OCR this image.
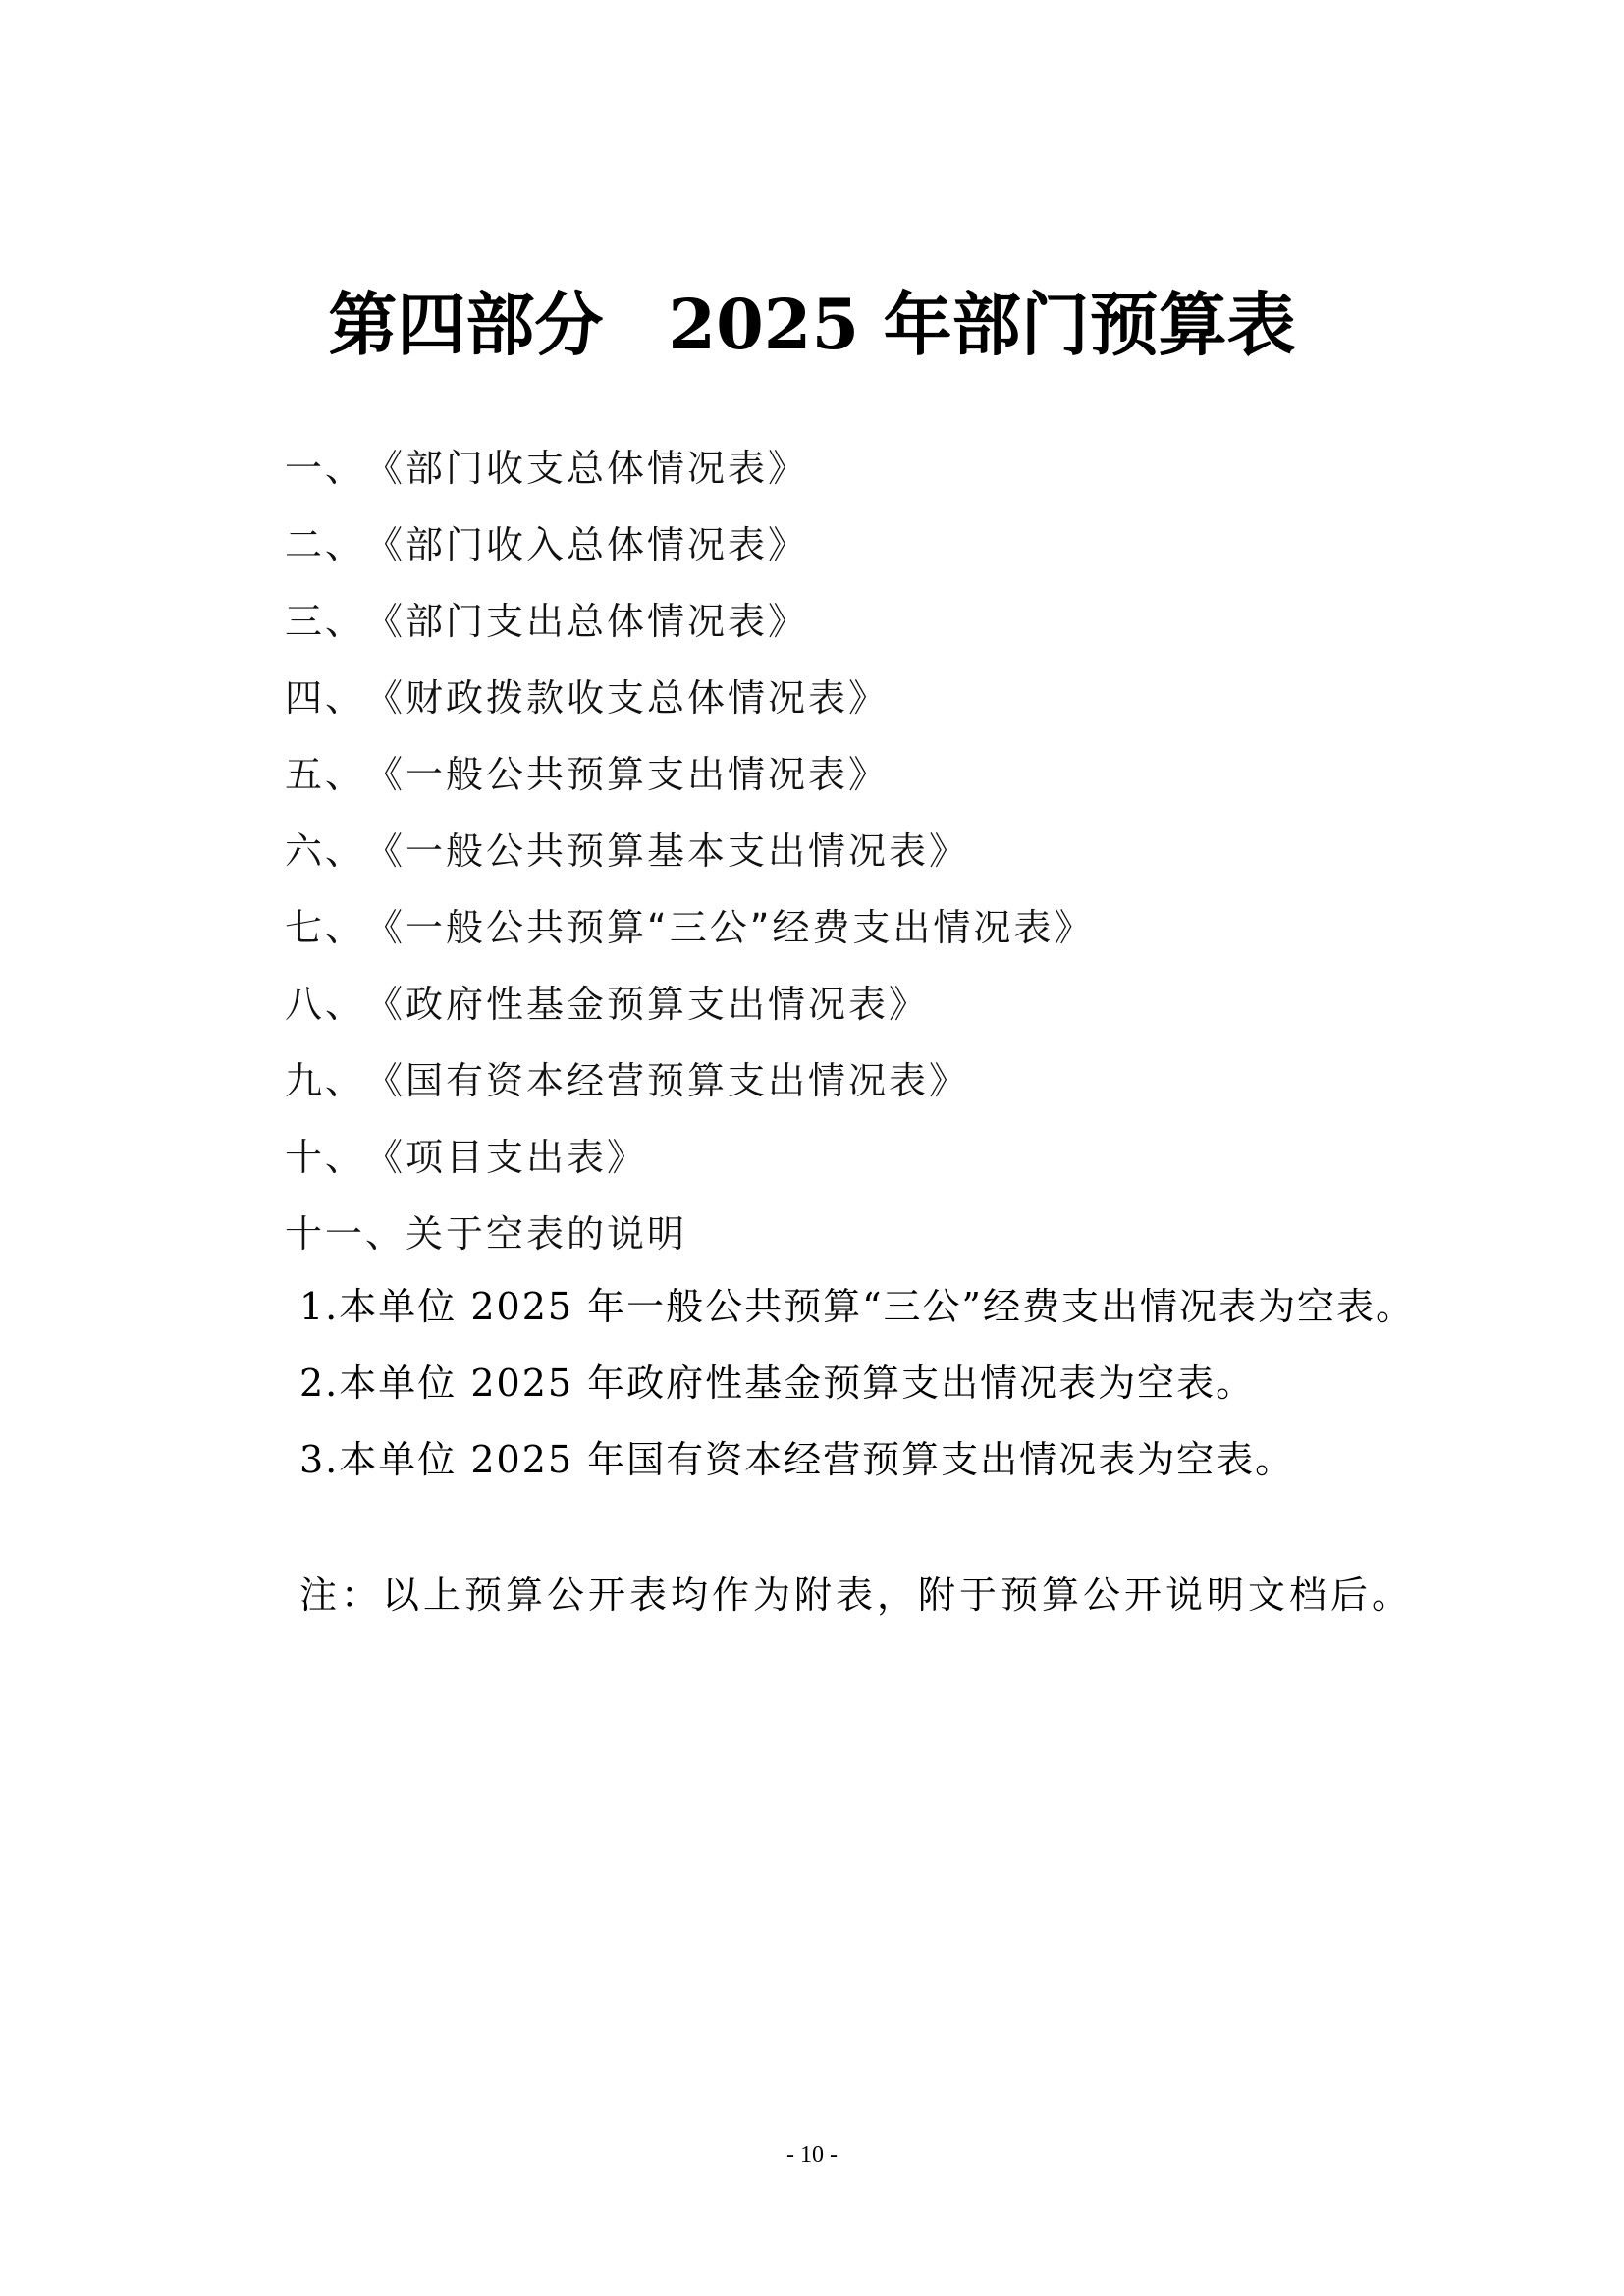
第四部分 2025 年部门预算表
一、《部门收支总体情况表》
二、《部门收入总体情况表》
三、《部门支出总体情况表》
四、《财政拨款收支总体情况表》
五、《一般公共预算支出情况表》
六、《一般公共预算基本支出情况表》
七、《一般公共预算“三公”经费支出情况表》
八、《政府性基金预算支出情况表》
九、《国有资本经营预算支出情况表》
十、《项目支出表》
十一、关于空表的说明
1.本单位 2025 年一般公共预算“三公”经费支出情况表为空表。
2.本单位 2025 年政府性基金预算支出情况表为空表。
3.本单位 2025 年国有资本经营预算支出情况表为空表。

注：以上预算公开表均作为附表，附于预算公开说明文档后。

- 10 -
